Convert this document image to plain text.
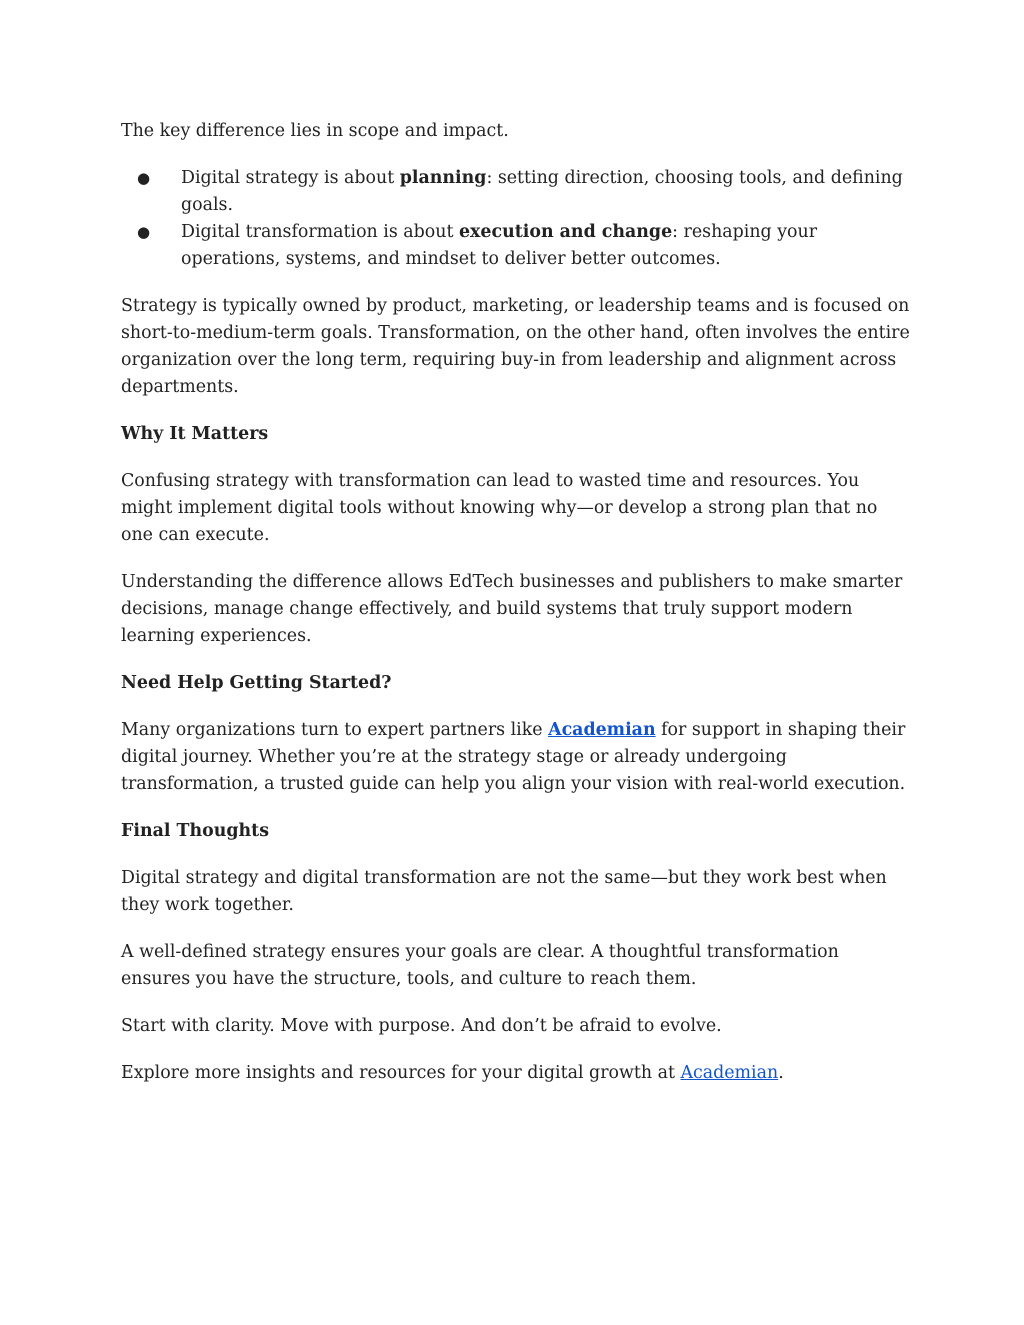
The key difference lies in scope and impact.

● Digital strategy is about planning: setting direction, choosing tools, and defining goals.
● Digital transformation is about execution and change: reshaping your operations, systems, and mindset to deliver better outcomes.

Strategy is typically owned by product, marketing, or leadership teams and is focused on short-to-medium-term goals. Transformation, on the other hand, often involves the entire organization over the long term, requiring buy-in from leadership and alignment across departments.

Why It Matters

Confusing strategy with transformation can lead to wasted time and resources. You might implement digital tools without knowing why—or develop a strong plan that no one can execute.

Understanding the difference allows EdTech businesses and publishers to make smarter decisions, manage change effectively, and build systems that truly support modern learning experiences.

Need Help Getting Started?

Many organizations turn to expert partners like Academian for support in shaping their digital journey. Whether you’re at the strategy stage or already undergoing transformation, a trusted guide can help you align your vision with real-world execution.

Final Thoughts

Digital strategy and digital transformation are not the same—but they work best when they work together.

A well-defined strategy ensures your goals are clear. A thoughtful transformation ensures you have the structure, tools, and culture to reach them.

Start with clarity. Move with purpose. And don’t be afraid to evolve.

Explore more insights and resources for your digital growth at Academian.
